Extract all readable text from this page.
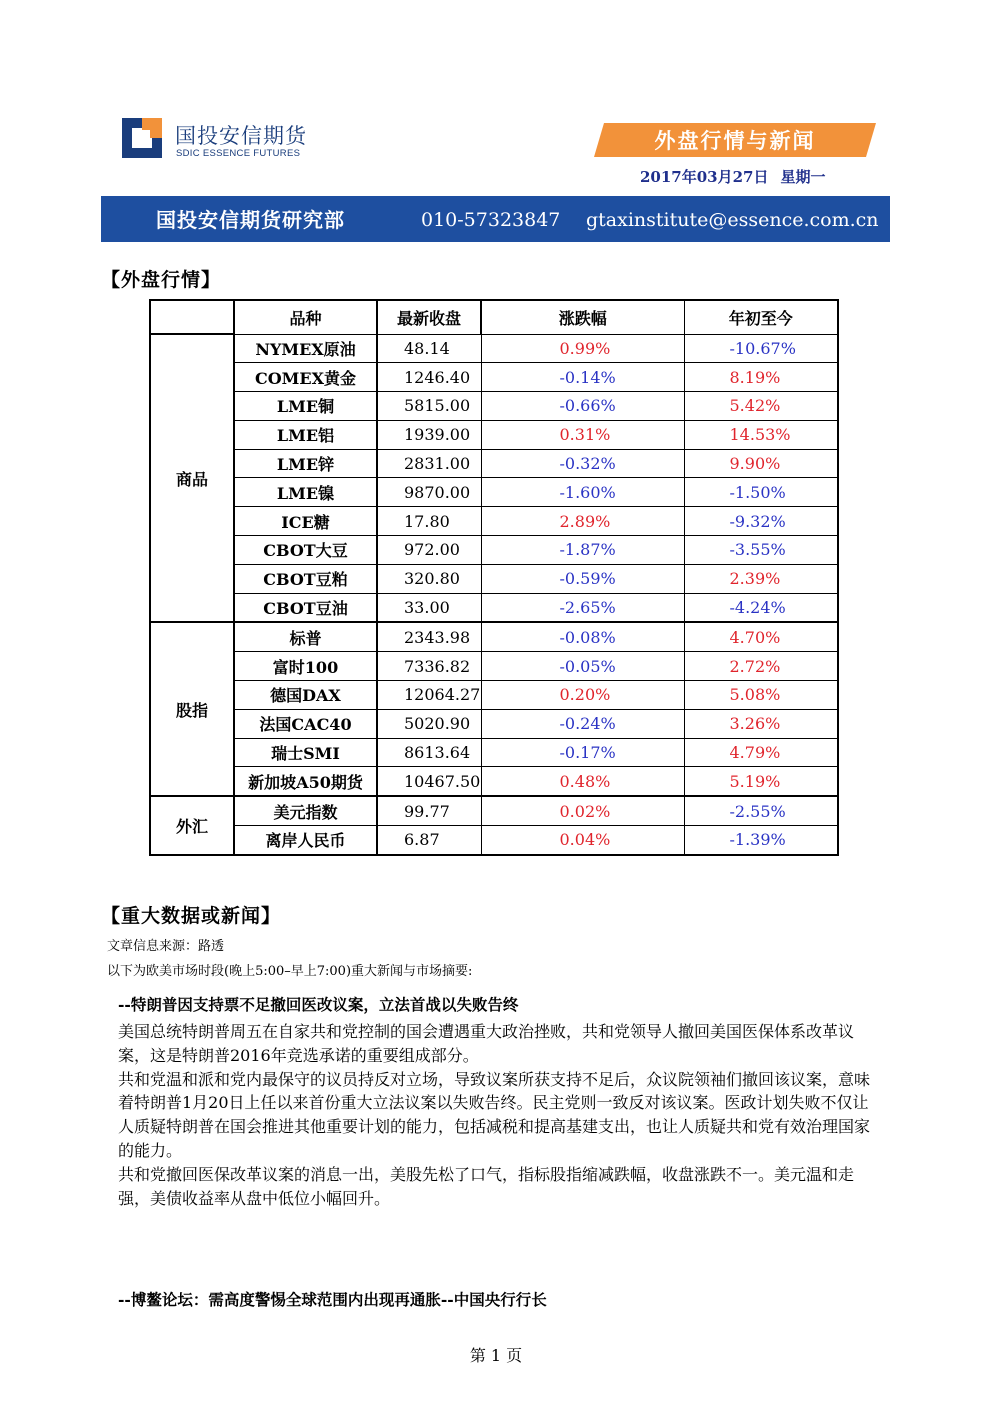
国投安信期货
SDIC ESSENCE FUTURES
外盘行情与新闻
2017年03月27日 星期一
国投安信期货研究部	010-57323847 gtaxinstitute@essence.com.cn
【外盘行情】
	品种	最新收盘	涨跌幅	年初至今
商品	NYMEX原油	48.14	0.99%	-10.67%
	COMEX黄金	1246.40	-0.14%	8.19%
	LME铜	5815.00	-0.66%	5.42%
	LME铝	1939.00	0.31%	14.53%
	LME锌	2831.00	-0.32%	9.90%
	LME镍	9870.00	-1.60%	-1.50%
	ICE糖	17.80	2.89%	-9.32%
	CBOT大豆	972.00	-1.87%	-3.55%
	CBOT豆粕	320.80	-0.59%	2.39%
	CBOT豆油	33.00	-2.65%	-4.24%
股指	标普	2343.98	-0.08%	4.70%
	富时100	7336.82	-0.05%	2.72%
	德国DAX	12064.27	0.20%	5.08%
	法国CAC40	5020.90	-0.24%	3.26%
	瑞士SMI	8613.64	-0.17%	4.79%
	新加坡A50期货	10467.50	0.48%	5.19%
外汇	美元指数	99.77	0.02%	-2.55%
	离岸人民币	6.87	0.04%	-1.39%
【重大数据或新闻】
文章信息来源：路透
以下为欧美市场时段(晚上5:00–早上7:00)重大新闻与市场摘要:
--特朗普因支持票不足撤回医改议案，立法首战以失败告终

美国总统特朗普周五在自家共和党控制的国会遭遇重大政治挫败，共和党领导人撤回美国医保体系改革议案，这是特朗普2016年竞选承诺的重要组成部分。

共和党温和派和党内最保守的议员持反对立场，导致议案所获支持不足后，众议院领袖们撤回该议案，意味着特朗普1月20日上任以来首份重大立法议案以失败告终。民主党则一致反对该议案。医政计划失败不仅让人质疑特朗普在国会推进其他重要计划的能力，包括减税和提高基建支出，也让人质疑共和党有效治理国家的能力。

共和党撤回医保改革议案的消息一出，美股先松了口气，指标股指缩减跌幅，收盘涨跌不一。美元温和走强，美债收益率从盘中低位小幅回升。

--博鳌论坛：需高度警惕全球范围内出现再通胀--中国央行行长
第 1 页
